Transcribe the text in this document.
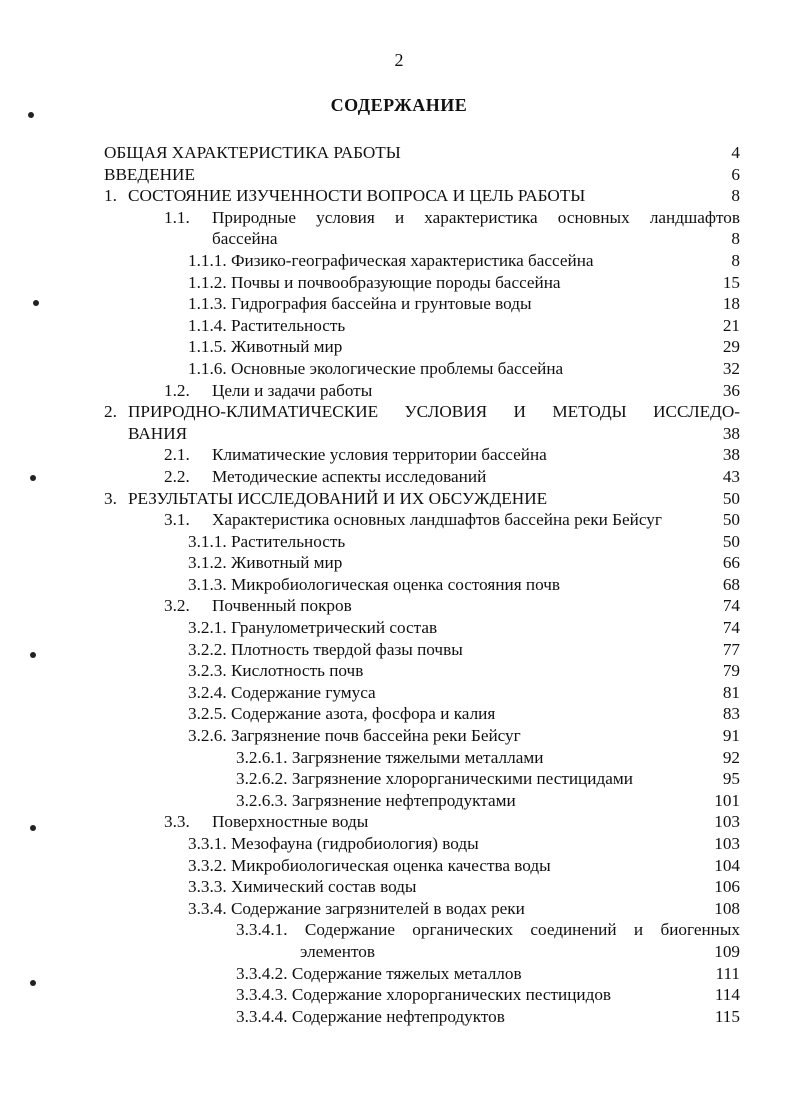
2
СОДЕРЖАНИЕ
ОБЩАЯ ХАРАКТЕРИСТИКА РАБОТЫ	4
ВВЕДЕНИЕ	6
1. СОСТОЯНИЕ ИЗУЧЕННОСТИ ВОПРОСА И ЦЕЛЬ РАБОТЫ	8
1.1. Природные условия и характеристика основных ландшафтов
бассейна	8
1.1.1. Физико-географическая характеристика бассейна	8
1.1.2. Почвы и почвообразующие породы бассейна	15
1.1.3. Гидрография бассейна и грунтовые воды	18
1.1.4. Растительность	21
1.1.5. Животный мир	29
1.1.6. Основные экологические проблемы бассейна	32
1.2. Цели и задачи работы	36
2. ПРИРОДНО-КЛИМАТИЧЕСКИЕ УСЛОВИЯ И МЕТОДЫ ИССЛЕДО-
ВАНИЯ	38
2.1. Климатические условия территории бассейна	38
2.2. Методические аспекты исследований	43
3. РЕЗУЛЬТАТЫ ИССЛЕДОВАНИЙ И ИХ ОБСУЖДЕНИЕ	50
3.1. Характеристика основных ландшафтов бассейна реки Бейсуг	50
3.1.1. Растительность	50
3.1.2. Животный мир	66
3.1.3. Микробиологическая оценка состояния почв	68
3.2. Почвенный покров	74
3.2.1. Гранулометрический состав	74
3.2.2. Плотность твердой фазы почвы	77
3.2.3. Кислотность почв	79
3.2.4. Содержание гумуса	81
3.2.5. Содержание азота, фосфора и калия	83
3.2.6. Загрязнение почв бассейна реки Бейсуг	91
3.2.6.1. Загрязнение тяжелыми металлами	92
3.2.6.2. Загрязнение хлорорганическими пестицидами	95
3.2.6.3. Загрязнение нефтепродуктами	101
3.3. Поверхностные воды	103
3.3.1. Мезофауна (гидробиология) воды	103
3.3.2. Микробиологическая оценка качества воды	104
3.3.3. Химический состав воды	106
3.3.4. Содержание загрязнителей в водах реки	108
3.3.4.1. Содержание органических соединений и биогенных
элементов	109
3.3.4.2. Содержание тяжелых металлов	111
3.3.4.3. Содержание хлорорганических пестицидов	114
3.3.4.4. Содержание нефтепродуктов	115
